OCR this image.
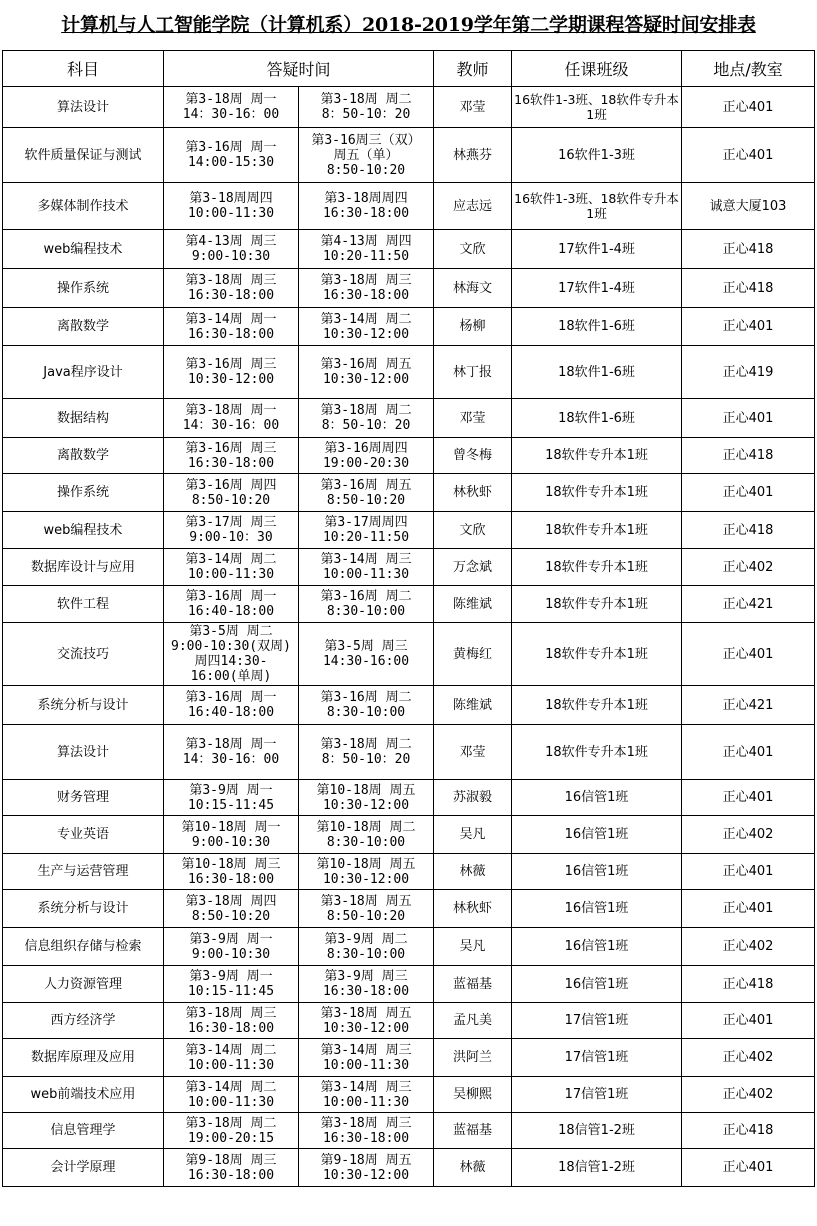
计算机与人工智能学院（计算机系）2018-2019学年第二学期课程答疑时间安排表
科目	答疑时间		教师	任课班级	地点/教室
算法设计	第3-18周 周一
14：30-16：00	第3-18周 周二
8：50-10：20	邓莹	16软件1-3班、18软件专升本1班	正心401
软件质量保证与测试	第3-16周 周一
14:00-15:30	第3-16周三（双）
周五（单）
8:50-10:20	林燕芬	16软件1-3班	正心401
多媒体制作技术	第3-18周周四
10:00-11:30	第3-18周周四
16:30-18:00	应志远	16软件1-3班、18软件专升本1班	诚意大厦103
web编程技术	第4-13周 周三
9:00-10:30	第4-13周 周四
10:20-11:50	文欣	17软件1-4班	正心418
操作系统	第3-18周 周三
16:30-18:00	第3-18周 周三
16:30-18:00	林海文	17软件1-4班	正心418
离散数学	第3-14周 周一
16:30-18:00	第3-14周 周二
10:30-12:00	杨柳	18软件1-6班	正心401
Java程序设计	第3-16周 周三
10:30-12:00	第3-16周 周五
10:30-12:00	林丁报	18软件1-6班	正心419
数据结构	第3-18周 周一
14：30-16：00	第3-18周 周二
8：50-10：20	邓莹	18软件1-6班	正心401
离散数学	第3-16周 周三
16:30-18:00	第3-16周周四
19:00-20:30	曾冬梅	18软件专升本1班	正心418
操作系统	第3-16周 周四
8:50-10:20	第3-16周 周五
8:50-10:20	林秋虾	18软件专升本1班	正心401
web编程技术	第3-17周 周三
9:00-10：30	第3-17周周四
10:20-11:50	文欣	18软件专升本1班	正心418
数据库设计与应用	第3-14周 周二
10:00-11:30	第3-14周 周三
10:00-11:30	万念斌	18软件专升本1班	正心402
软件工程	第3-16周 周一
16:40-18:00	第3-16周 周二
8:30-10:00	陈维斌	18软件专升本1班	正心421
交流技巧	第3-5周 周二
9:00-10:30(双周)
周四14:30-
16:00(单周)	第3-5周 周三
14:30-16:00	黄梅红	18软件专升本1班	正心401
系统分析与设计	第3-16周 周一
16:40-18:00	第3-16周 周二
8:30-10:00	陈维斌	18软件专升本1班	正心421
算法设计	第3-18周 周一
14：30-16：00	第3-18周 周二
8：50-10：20	邓莹	18软件专升本1班	正心401
财务管理	第3-9周 周一
10:15-11:45	第10-18周 周五
10:30-12:00	苏淑毅	16信管1班	正心401
专业英语	第10-18周 周一
9:00-10:30	第10-18周 周二
8:30-10:00	吴凡	16信管1班	正心402
生产与运营管理	第10-18周 周三
16:30-18:00	第10-18周 周五
10:30-12:00	林薇	16信管1班	正心401
系统分析与设计	第3-18周 周四
8:50-10:20	第3-18周 周五
8:50-10:20	林秋虾	16信管1班	正心401
信息组织存储与检索	第3-9周 周一
9:00-10:30	第3-9周 周二
8:30-10:00	吴凡	16信管1班	正心402
人力资源管理	第3-9周 周一
10:15-11:45	第3-9周 周三
16:30-18:00	蓝福基	16信管1班	正心418
西方经济学	第3-18周 周三
16:30-18:00	第3-18周 周五
10:30-12:00	孟凡美	17信管1班	正心401
数据库原理及应用	第3-14周 周二
10:00-11:30	第3-14周 周三
10:00-11:30	洪阿兰	17信管1班	正心402
web前端技术应用	第3-14周 周二
10:00-11:30	第3-14周 周三
10:00-11:30	吴柳熙	17信管1班	正心402
信息管理学	第3-18周 周二
19:00-20:15	第3-18周 周三
16:30-18:00	蓝福基	18信管1-2班	正心418
会计学原理	第9-18周 周三
16:30-18:00	第9-18周 周五
10:30-12:00	林薇	18信管1-2班	正心401
